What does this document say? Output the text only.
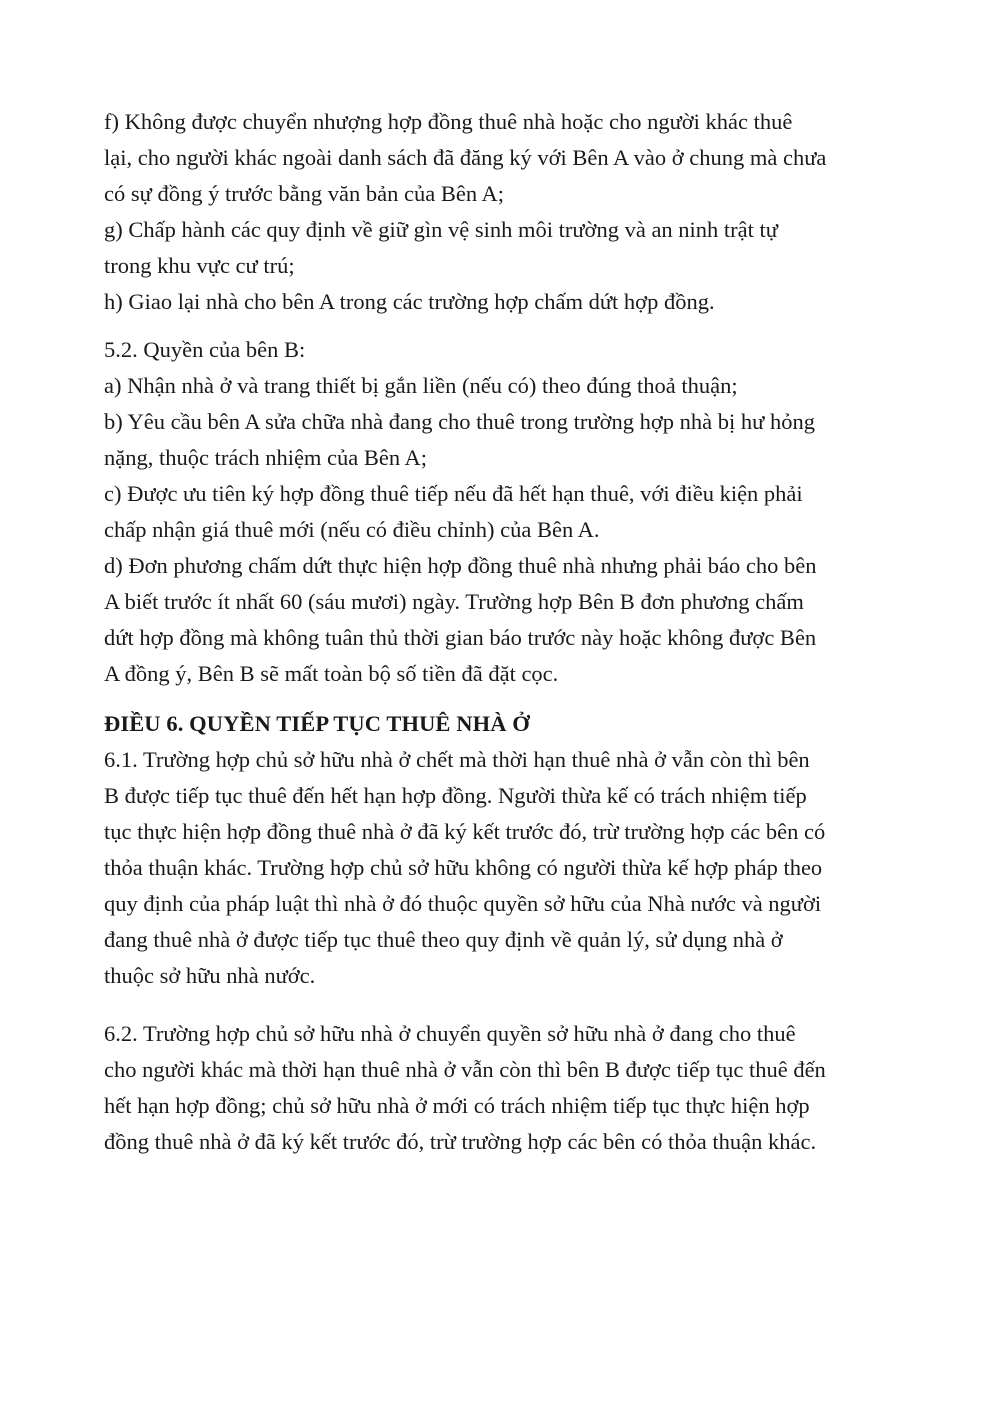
f) Không được chuyển nhượng hợp đồng thuê nhà hoặc cho người khác thuê
lại, cho người khác ngoài danh sách đã đăng ký với Bên A vào ở chung mà chưa
có sự đồng ý trước bằng văn bản của Bên A;
g) Chấp hành các quy định về giữ gìn vệ sinh môi trường và an ninh trật tự
trong khu vực cư trú;
h) Giao lại nhà cho bên A trong các trường hợp chấm dứt hợp đồng.
5.2. Quyền của bên B:
a) Nhận nhà ở và trang thiết bị gắn liền (nếu có) theo đúng thoả thuận;
b) Yêu cầu bên A sửa chữa nhà đang cho thuê trong trường hợp nhà bị hư hỏng
nặng, thuộc trách nhiệm của Bên A;
c) Được ưu tiên ký hợp đồng thuê tiếp nếu đã hết hạn thuê, với điều kiện phải
chấp nhận giá thuê mới (nếu có điều chỉnh) của Bên A.
d) Đơn phương chấm dứt thực hiện hợp đồng thuê nhà nhưng phải báo cho bên
A biết trước ít nhất 60 (sáu mươi) ngày. Trường hợp Bên B đơn phương chấm
dứt hợp đồng mà không tuân thủ thời gian báo trước này hoặc không được Bên
A đồng ý, Bên B sẽ mất toàn bộ số tiền đã đặt cọc.
ĐIỀU 6. QUYỀN TIẾP TỤC THUÊ NHÀ Ở
6.1. Trường hợp chủ sở hữu nhà ở chết mà thời hạn thuê nhà ở vẫn còn thì bên
B được tiếp tục thuê đến hết hạn hợp đồng. Người thừa kế có trách nhiệm tiếp
tục thực hiện hợp đồng thuê nhà ở đã ký kết trước đó, trừ trường hợp các bên có
thỏa thuận khác. Trường hợp chủ sở hữu không có người thừa kế hợp pháp theo
quy định của pháp luật thì nhà ở đó thuộc quyền sở hữu của Nhà nước và người
đang thuê nhà ở được tiếp tục thuê theo quy định về quản lý, sử dụng nhà ở
thuộc sở hữu nhà nước.
6.2. Trường hợp chủ sở hữu nhà ở chuyển quyền sở hữu nhà ở đang cho thuê
cho người khác mà thời hạn thuê nhà ở vẫn còn thì bên B được tiếp tục thuê đến
hết hạn hợp đồng; chủ sở hữu nhà ở mới có trách nhiệm tiếp tục thực hiện hợp
đồng thuê nhà ở đã ký kết trước đó, trừ trường hợp các bên có thỏa thuận khác.
